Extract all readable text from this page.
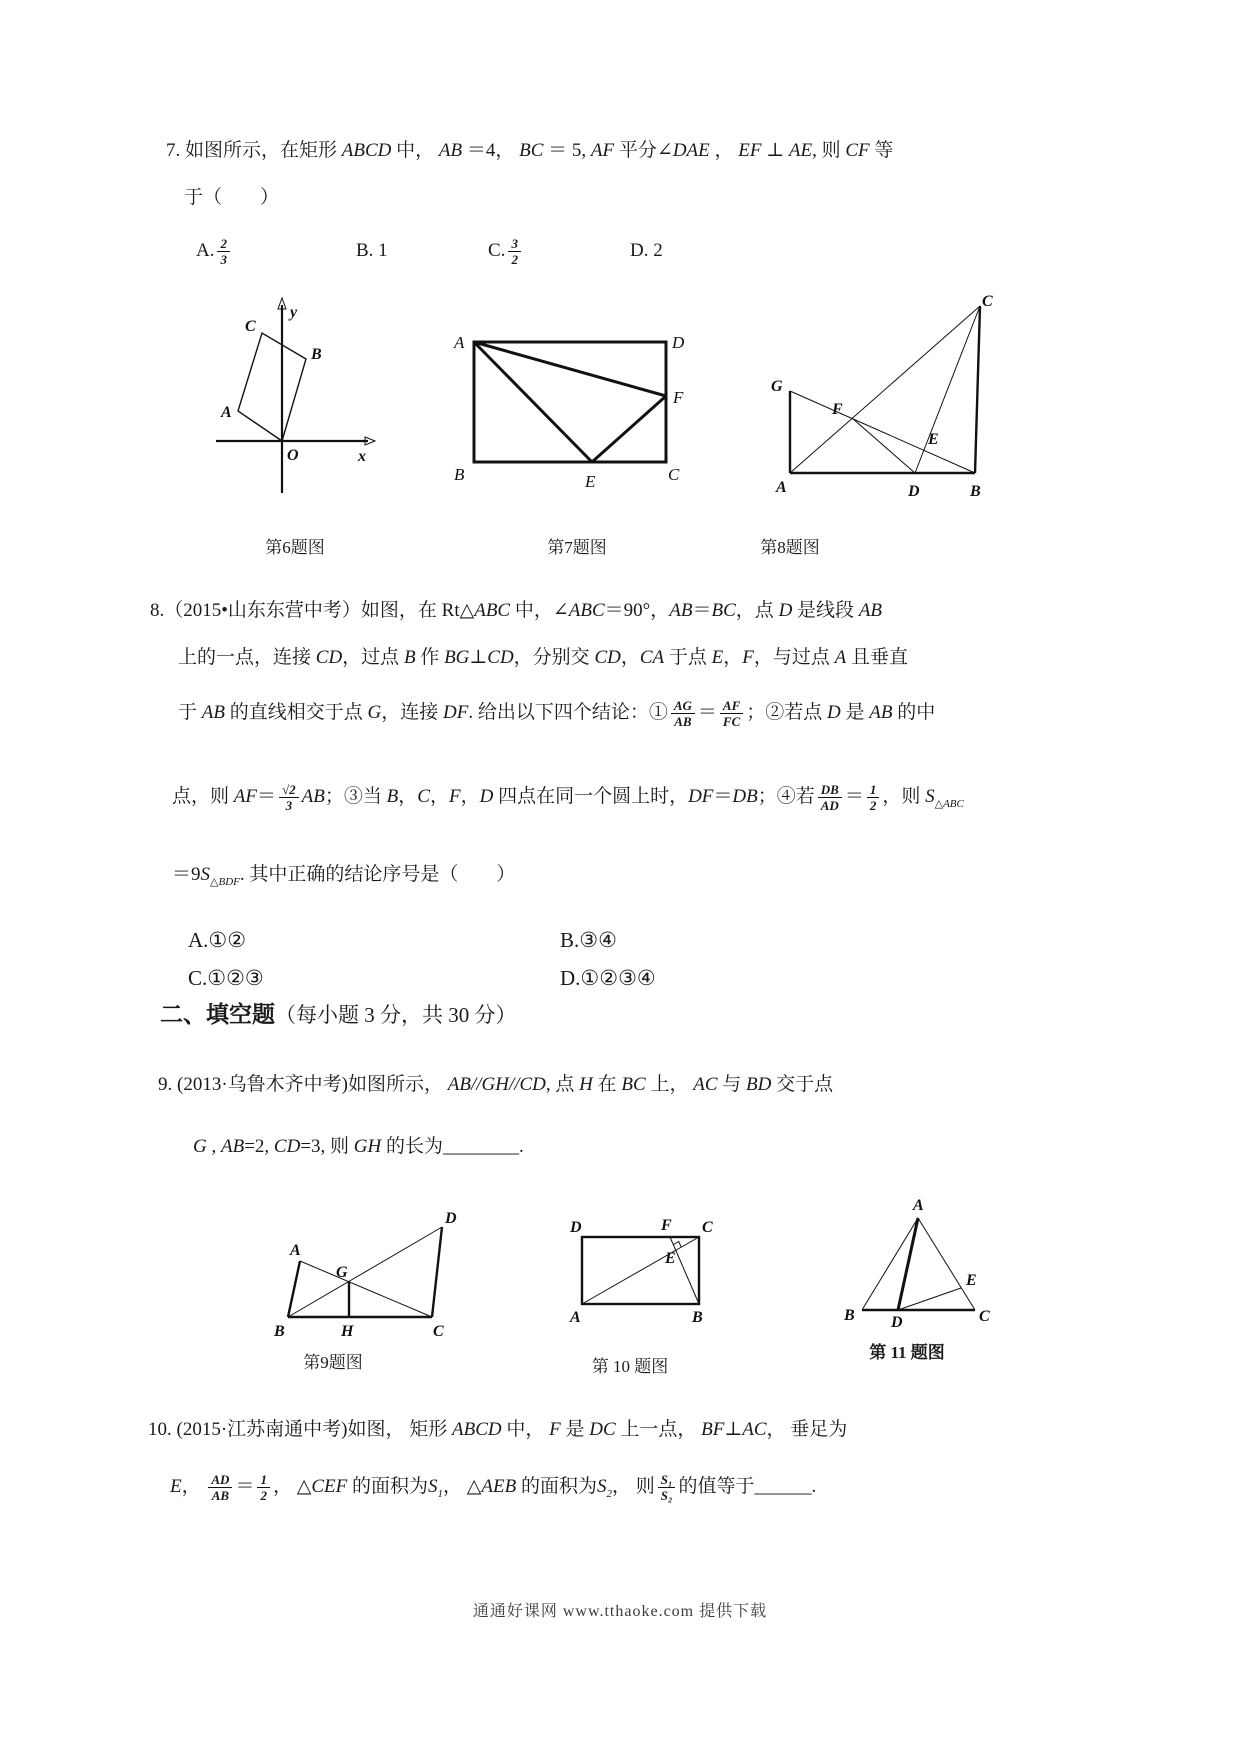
7. 如图所示，在矩形 ABCD 中， AB ＝4， BC ＝ 5, AF 平分∠DAE ， EF ⊥ AE, 则 CF 等
于（　　）
A. $\frac{2}{3}$	B. 1	C. $\frac{3}{2}$	D. 2
y
x
O
A
C
B
第6题图
A	D
B	C
E
F
第7题图
C
G
F
E
A	D	B
第8题图
8.（2015•山东东营中考）如图，在 Rt△ABC 中，∠ABC＝90°，AB＝BC，点 D 是线段 AB
上的一点，连接 CD，过点 B 作 BG⊥CD，分别交 CD，CA 于点 E，F，与过点 A 且垂直
于 AB 的直线相交于点 G，连接 DF. 给出以下四个结论：① $\frac{AG}{AB} = \frac{AF}{FC}$ ；②若点 D 是 AB 的中
点，则 $AF= \frac{√2}{3}$ AB；③当 B，C，F，D 四点在同一个圆上时，DF＝DB；④若 $\frac{DB}{AD} = \frac{1}{2}$ ，则 $S_{\triangle ABC}$
$=9S_{\triangle BDF}$. 其中正确的结论序号是（　　）
A.①②	B.③④
C.①②③	D.①②③④
二、填空题（每小题 3 分，共 30 分）
9. (2013·乌鲁木齐中考)如图所示， AB//GH//CD, 点 H 在 BC 上， AC 与 BD 交于点
G , AB=2, CD=3, 则 GH 的长为________.
A
D
G
B	H	C
第9题图
D	F C
A	B
E
第 10 题图
A
B	C
D
E
第 11 题图
10. (2015·江苏南通中考)如图， 矩形 ABCD 中， F 是 DC 上一点， BF⊥AC， 垂足为
E， $\frac{AD}{AB} = \frac{1}{2}$ ， △CEF 的面积为$S_1$， △AEB 的面积为$S_2$， 则 $\frac{\text{S₁}}{\text{S₂}}$ 的值等于______.
通通好课网 www.tthaoke.com 提供下载
